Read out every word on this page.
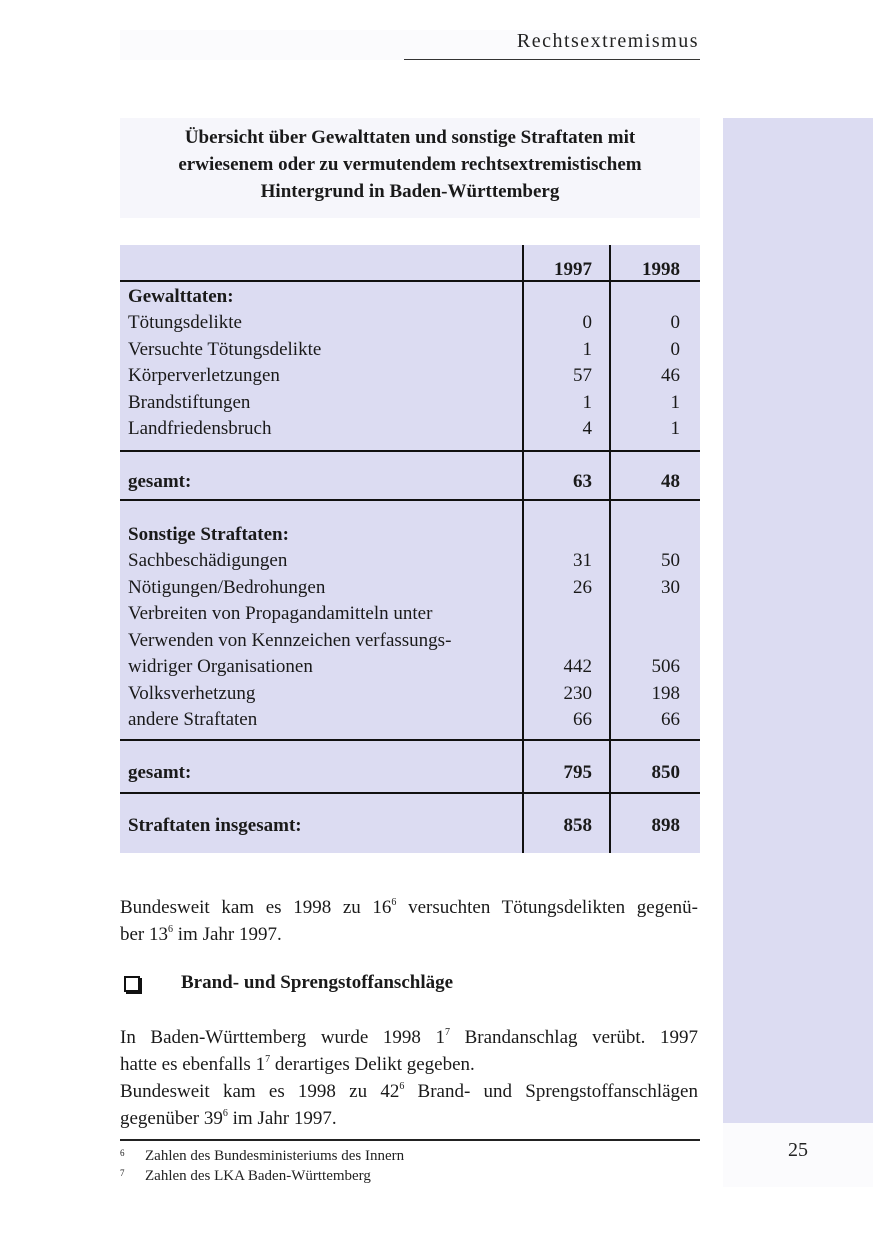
Rechtsextremismus
25
Übersicht über Gewalttaten und sonstige Straftaten mit
erwiesenem oder zu vermutendem rechtsextremistischem
Hintergrund in Baden-Württemberg
1997	1998
Gewalttaten:
Tötungsdelikte	0	0
Versuchte Tötungsdelikte	1	0
Körperverletzungen	57	46
Brandstiftungen	1	1
Landfriedensbruch	4	1
gesamt:	63	48
Sonstige Straftaten:
Sachbeschädigungen	31	50
Nötigungen/Bedrohungen	26	30
Verbreiten von Propagandamitteln unter
Verwenden von Kennzeichen verfassungs-
widriger Organisationen	442	506
Volksverhetzung	230	198
andere Straftaten	66	66
gesamt:	795	850
Straftaten insgesamt:	858	898
Bundesweit kam es 1998 zu 16$^6$ versuchten Tötungsdelikten gegenü-
ber 13$^6$ im Jahr 1997.
Brand- und Sprengstoffanschläge
In Baden-Württemberg wurde 1998 1$^7$ Brandanschlag verübt. 1997
hatte es ebenfalls 1$^7$ derartiges Delikt gegeben.
Bundesweit kam es 1998 zu 42$^6$ Brand- und Sprengstoffanschlägen
gegenüber 39$^6$ im Jahr 1997.
6 Zahlen des Bundesministeriums des Innern
7 Zahlen des LKA Baden-Württemberg
